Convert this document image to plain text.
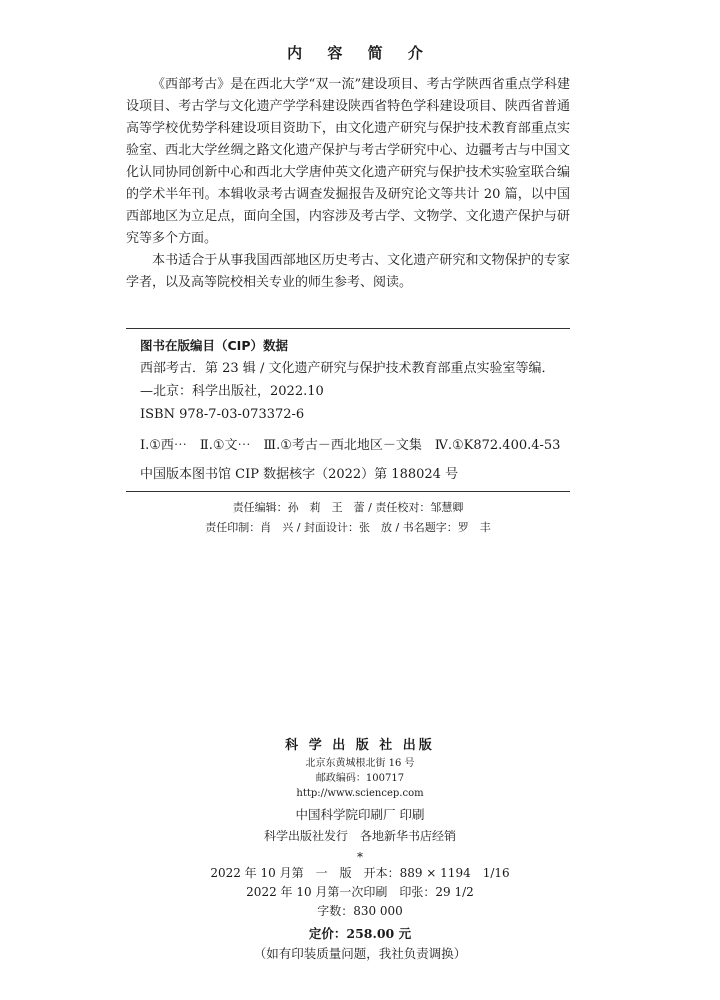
内 容 简 介

《西部考古》是在西北大学“双一流”建设项目、考古学陕西省重点学科建设项目、考古学与文化遗产学学科建设陕西省特色学科建设项目、陕西省普通高等学校优势学科建设项目资助下，由文化遗产研究与保护技术教育部重点实验室、西北大学丝绸之路文化遗产保护与考古学研究中心、边疆考古与中国文化认同协同创新中心和西北大学唐仲英文化遗产研究与保护技术实验室联合编的学术半年刊。本辑收录考古调查发掘报告及研究论文等共计 20 篇，以中国西部地区为立足点，面向全国，内容涉及考古学、文物学、文化遗产保护与研究等多个方面。

本书适合于从事我国西部地区历史考古、文化遗产研究和文物保护的专家学者，以及高等院校相关专业的师生参考、阅读。

图书在版编目（CIP）数据
西部考古．第 23 辑 / 文化遗产研究与保护技术教育部重点实验室等编．
—北京：科学出版社，2022.10
ISBN 978-7-03-073372-6
Ⅰ.①西⋯　Ⅱ.①文⋯　Ⅲ.①考古－西北地区－文集　Ⅳ.①K872.400.4-53
中国版本图书馆 CIP 数据核字（2022）第 188024 号
责任编辑：孙　莉　王　蕾 / 责任校对：邹慧卿
责任印制：肖　兴 / 封面设计：张　放 / 书名题字：罗　丰
科 学 出 版 社 出版
北京东黄城根北街 16 号
邮政编码：100717
http://www.sciencep.com
中国科学院印刷厂 印刷
科学出版社发行　各地新华书店经销
*
2022 年 10 月第　一　版　开本：889 × 1194　1/16
2022 年 10 月第一次印刷　印张：29 1/2
字数：830 000
定价：258.00 元
（如有印装质量问题，我社负责调换）
